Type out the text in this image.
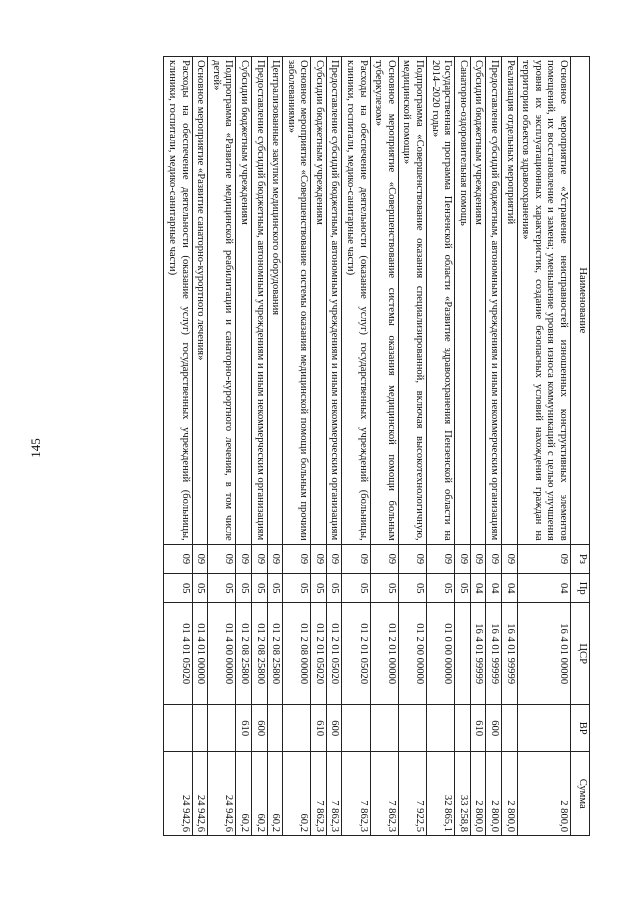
145
Наименование	Рз	Пр	ЦСР	ВР	Сумма
Основное мероприятие «Устранение неисправностей изношенных конструктивных элементов помещений, их восстановление и замена; уменьшение уровня износа коммуникаций с целью улучшения уровня их эксплуатационных характеристик, создание безопасных условий нахождения граждан на территории объектов здравоохранения»	09	04	16 4 01 00000		2 800,0
Реализация отдельных мероприятий	09	04	16 4 01 99999		2 800,0
Предоставление субсидий бюджетным, автономным учреждениям и иным некоммерческим организациям	09	04	16 4 01 99999	600	2 800,0
Субсидии бюджетным учреждениям	09	04	16 4 01 99999	610	2 800,0
Санаторно-оздоровительная помощь	09	05			33 258,8
Государственная программа Пензенской области «Развитие здравоохранения Пензенской области на 2014–2020 годы»	09	05	01 0 00 00000		32 865,1
Подпрограмма «Совершенствование оказания специализированной, включая высокотехнологичную, медицинской помощи»	09	05	01 2 00 00000		7 922,5
Основное мероприятие «Совершенствование системы оказания медицинской помощи больным туберкулезом»	09	05	01 2 01 00000		7 862,3
Расходы на обеспечение деятельности (оказание услуг) государственных учреждений (больницы, клиники, госпитали, медико-санитарные части)	09	05	01 2 01 05020		7 862,3
Предоставление субсидий бюджетным, автономным учреждениям и иным некоммерческим организациям	09	05	01 2 01 05020	600	7 862,3
Субсидии бюджетным учреждениям	09	05	01 2 01 05020	610	7 862,3
Основное мероприятие «Совершенствование системы оказания медицинской помощи больным прочими заболеваниями»	09	05	01 2 08 00000		60,2
Централизованные закупки медицинского оборудования	09	05	01 2 08 25800		60,2
Предоставление субсидий бюджетным, автономным учреждениям и иным некоммерческим организациям	09	05	01 2 08 25800	600	60,2
Субсидии бюджетным учреждениям	09	05	01 2 08 25800	610	60,2
Подпрограмма «Развитие медицинской реабилитации и санаторно-курортного лечения, в том числе детей»	09	05	01 4 00 00000		24 942,6
Основное мероприятие «Развитие санаторно-курортного лечения»	09	05	01 4 01 00000		24 942,6
Расходы на обеспечение деятельности (оказание услуг) государственных учреждений (больницы, клиники, госпитали, медико-санитарные части)	09	05	01 4 01 05020		24 942,6
